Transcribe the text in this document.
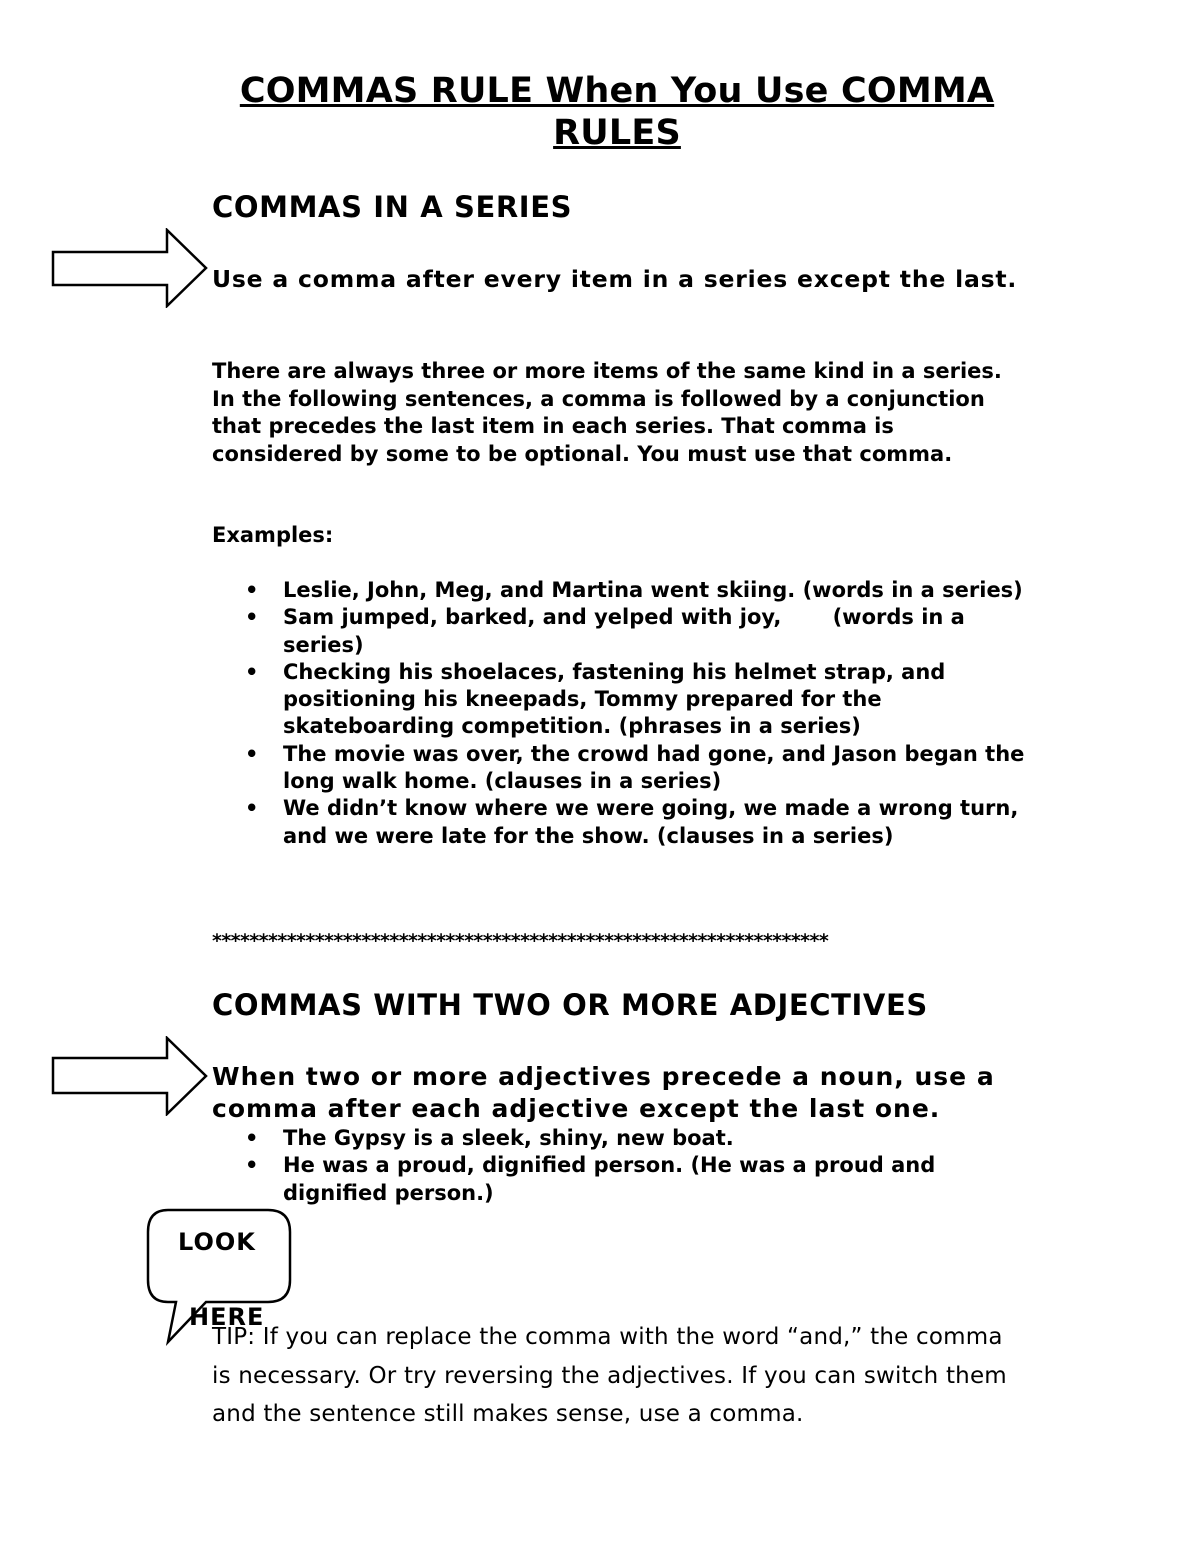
COMMAS RULE When You Use COMMA
RULES
COMMAS IN A SERIES

Use a comma after every item in a series except the last.

There are always three or more items of the same kind in a series. In the following sentences, a comma is followed by a conjunction that precedes the last item in each series. That comma is considered by some to be optional. You must use that comma.

Examples:

• Leslie, John, Meg, and Martina went skiing. (words in a series)
• Sam jumped, barked, and yelped with joy,       (words in a series)
• Checking his shoelaces, fastening his helmet strap, and positioning his kneepads, Tommy prepared for the skateboarding competition. (phrases in a series)
• The movie was over, the crowd had gone, and Jason began the long walk home. (clauses in a series)
• We didn’t know where we were going, we made a wrong turn, and we were late for the show. (clauses in a series)
******************************************************************
COMMAS WITH TWO OR MORE ADJECTIVES

When two or more adjectives precede a noun, use a comma after each adjective except the last one.

• The Gypsy is a sleek, shiny, new boat.
• He was a proud, dignified person. (He was a proud and dignified person.)
LOOK
HERE
TIP: If you can replace the comma with the word “and,” the comma is necessary. Or try reversing the adjectives. If you can switch them and the sentence still makes sense, use a comma.
